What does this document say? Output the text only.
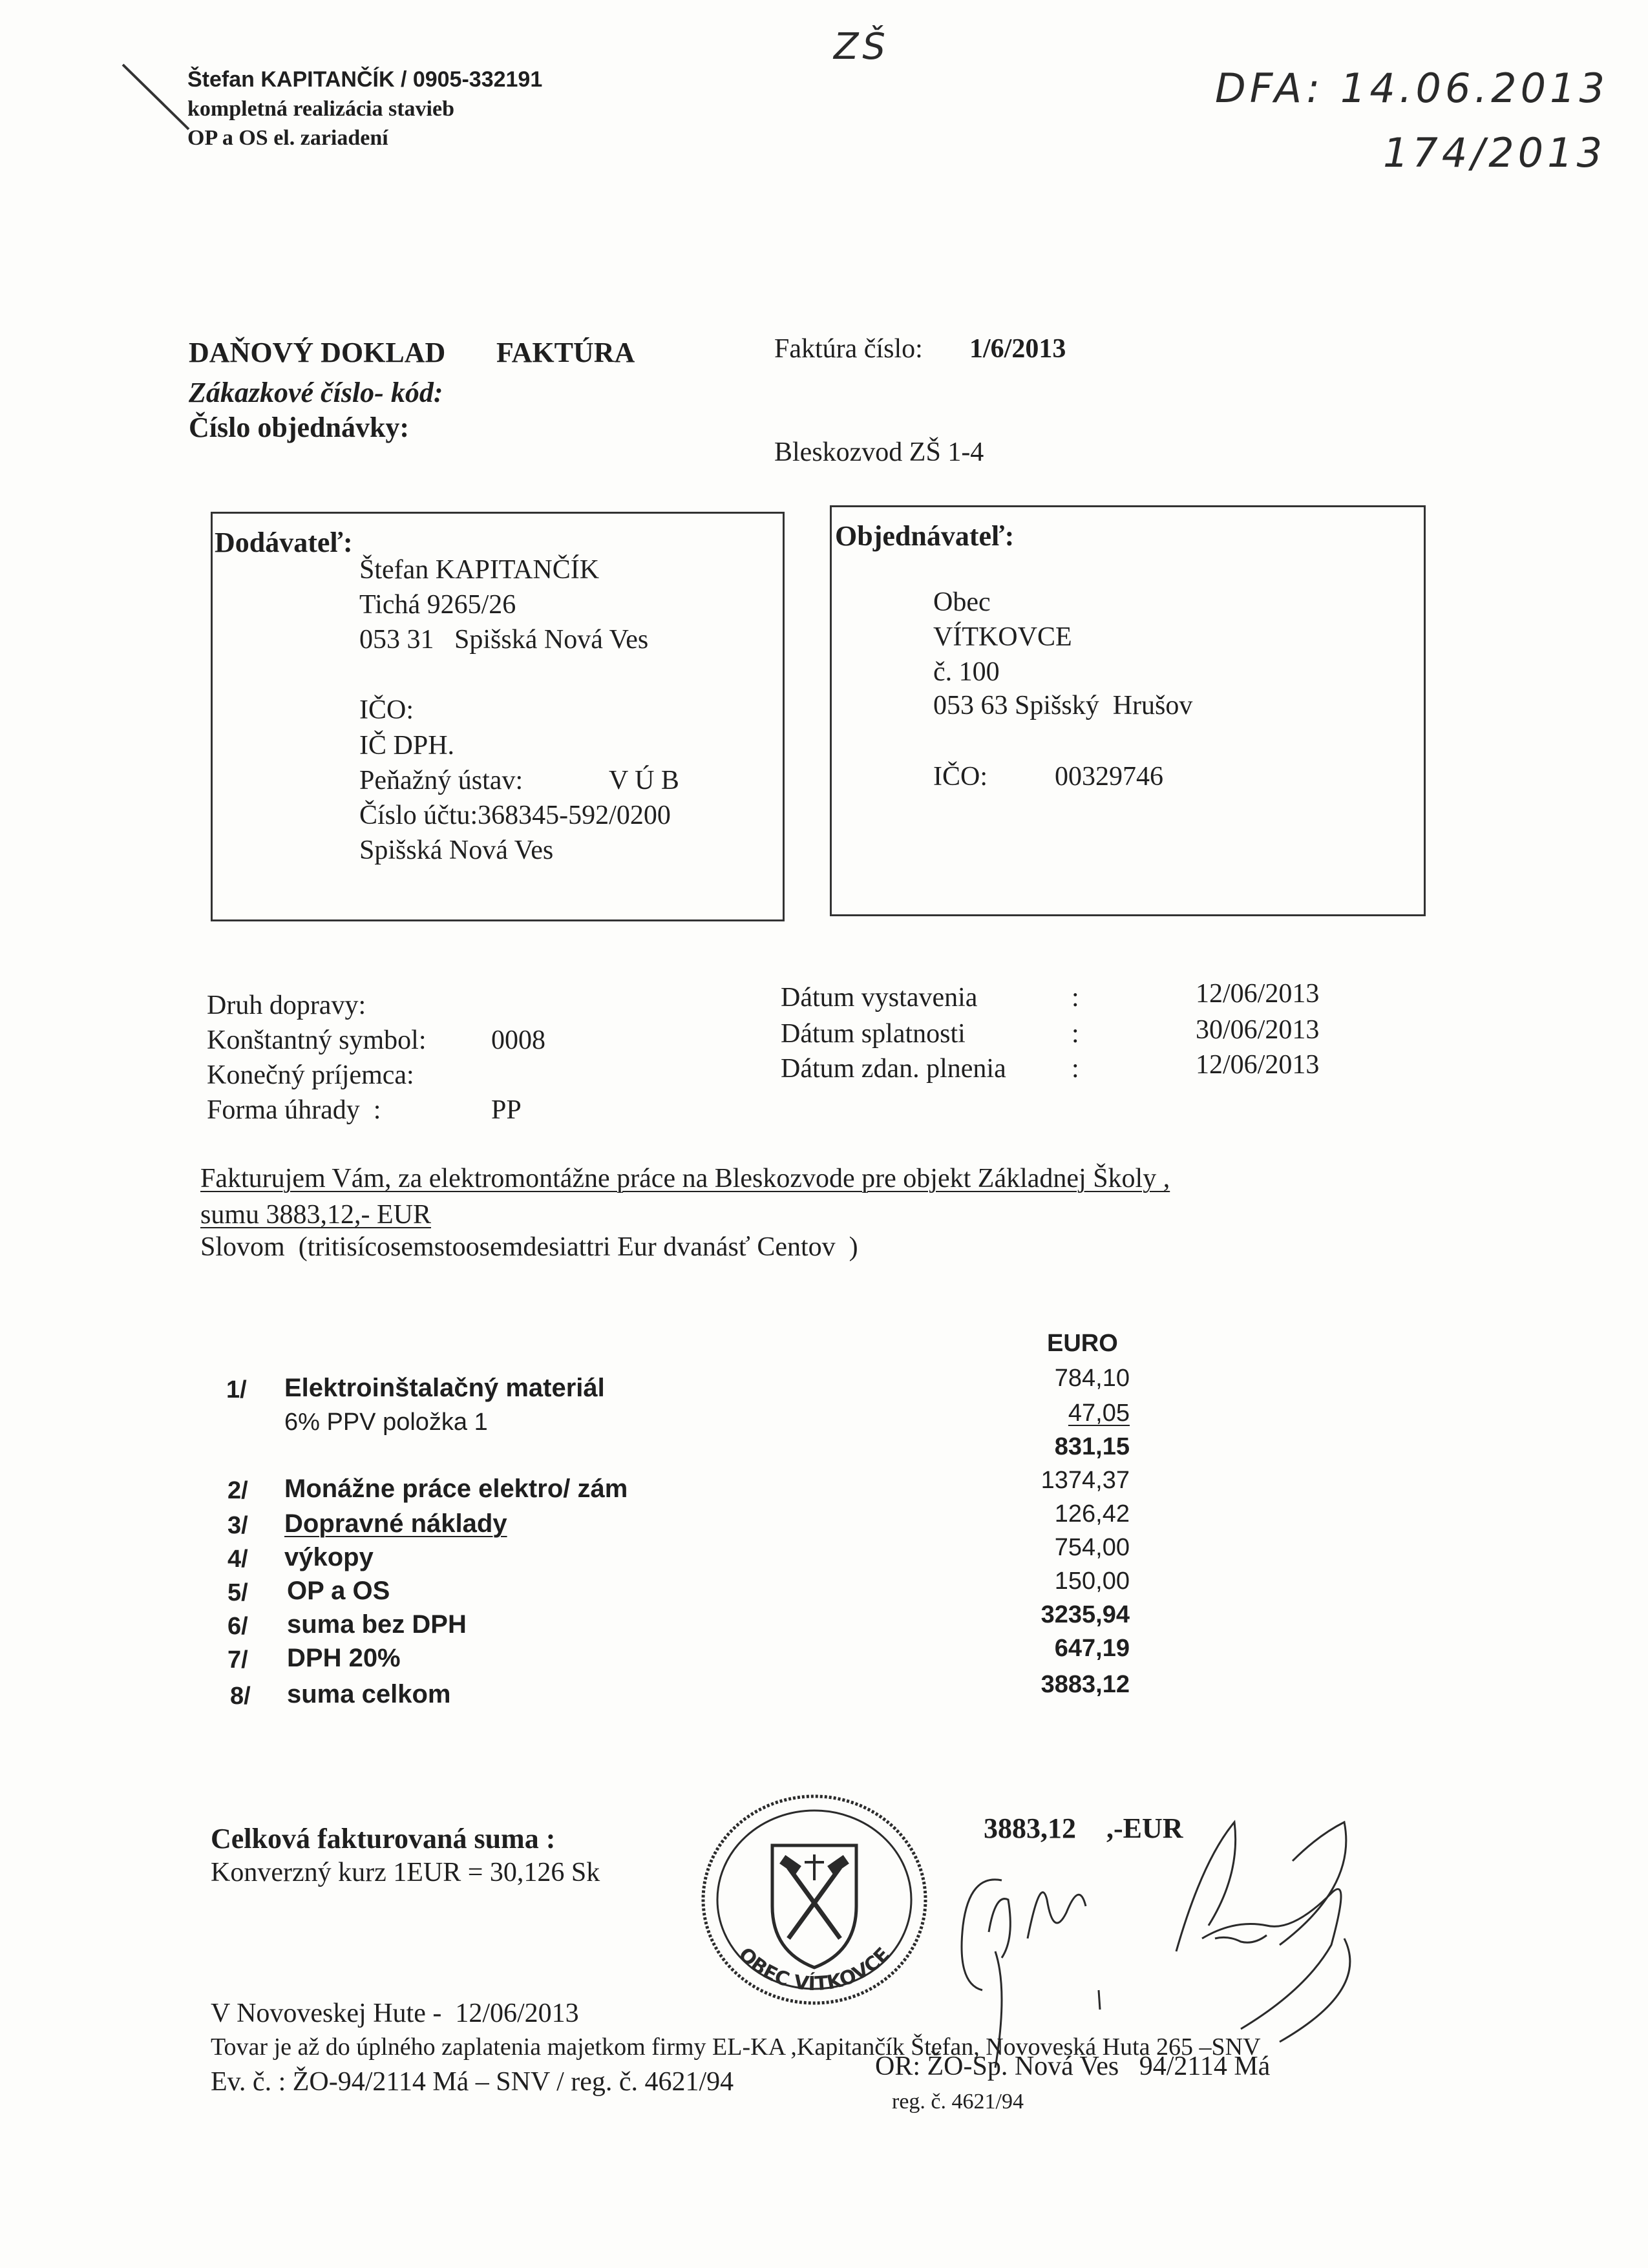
Štefan KAPITANČÍK / 0905-332191
kompletná realizácia stavieb
OP a OS el. zariadení
ZŠ
DFA: 14.06.2013
174/2013
DAŇOVÝ DOKLAD FAKTÚRA
Zákazkové číslo- kód:
Číslo objednávky:
Faktúra číslo: 1/6/2013
Bleskozvod ZŠ 1-4
Dodávateľ:
Štefan KAPITANČÍK
Tichá 9265/26
053 31   Spišská Nová Ves
IČO:
IČ DPH.
Peňažný ústav:	V Ú B
Číslo účtu:368345-592/0200
Spišská Nová Ves
Objednávateľ:
Obec
VÍTKOVCE
č. 100
053 63 Spišský  Hrušov
IČO: 00329746
Druh dopravy:
Konštantný symbol: 0008
Konečný príjemca:
Forma úhrady  :	PP
Dátum vystavenia	:	12/06/2013
Dátum splatnosti	:	30/06/2013
Dátum zdan. plnenia :	12/06/2013
Fakturujem Vám, za elektromontážne práce na Bleskozvode pre objekt Základnej Školy ,
sumu 3883,12,- EUR
Slovom  (tritisícosemstoosemdesiattri Eur dvanásť Centov  )
EURO
1/ Elektroinštalačný materiál	784,10
6% PPV položka 1	47,05
831,15
2/ Monážne práce elektro/ zám	1374,37
3/ Dopravné náklady	126,42
4/ výkopy	754,00
5/ OP a OS	150,00
6/ suma bez DPH	3235,94
7/ DPH 20%	647,19
8/ suma celkom	3883,12
Celková fakturovaná suma :
Konverzný kurz 1EUR = 30,126 Sk
3883,12 ,-EUR
OBEC VÍTKOVCE
V Novoveskej Hute -  12/06/2013
Tovar je až do úplného zaplatenia majetkom firmy EL-KA ,Kapitančík Štefan, Novoveská Huta 265 –SNV
Ev. č. : ŽO-94/2114 Má – SNV / reg. č. 4621/94
OR: ŽO-Sp. Nová Ves   94/2114 Má
reg. č. 4621/94
